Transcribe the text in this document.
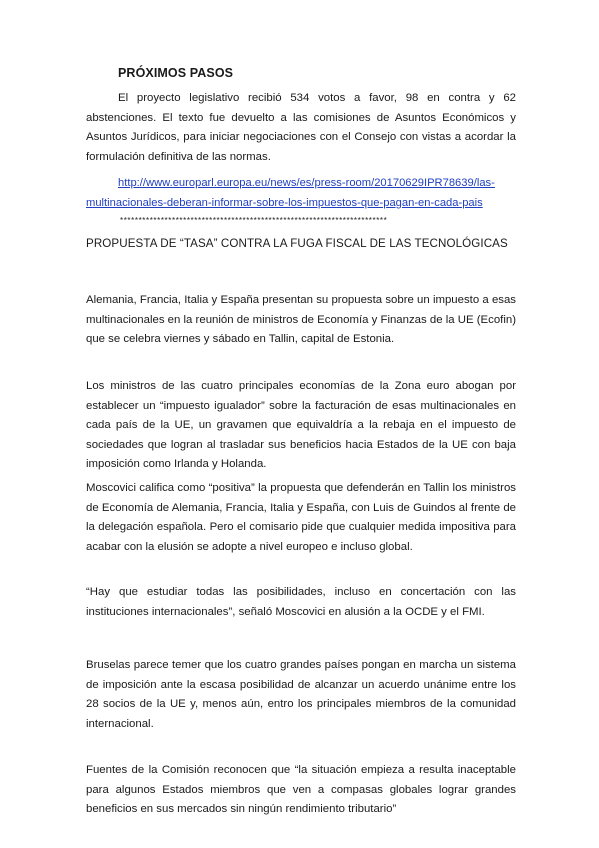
PRÓXIMOS PASOS

El proyecto legislativo recibió 534 votos a favor, 98 en contra y 62 abstenciones. El texto fue devuelto a las comisiones de Asuntos Económicos y Asuntos Jurídicos, para iniciar negociaciones con el Consejo con vistas a acordar la formulación definitiva de las normas.

http://www.europarl.europa.eu/news/es/press-room/20170629IPR78639/las-multinacionales-deberan-informar-sobre-los-impuestos-que-pagan-en-cada-pais

************************************************************************
PROPUESTA DE “TASA” CONTRA LA FUGA FISCAL DE LAS TECNOLÓGICAS

Alemania, Francia, Italia y España presentan su propuesta sobre un impuesto a esas multinacionales en la reunión de ministros de Economía y Finanzas de la UE (Ecofin) que se celebra viernes y sábado en Tallin, capital de Estonia.

Los ministros de las cuatro principales economías de la Zona euro abogan por establecer un “impuesto igualador” sobre la facturación de esas multinacionales en cada país de la UE, un gravamen que equivaldría a la rebaja en el impuesto de sociedades que logran al trasladar sus beneficios hacia Estados de la UE con baja imposición como Irlanda y Holanda.

Moscovici califica como “positiva” la propuesta que defenderán en Tallin los ministros de Economía de Alemania, Francia, Italia y España, con Luis de Guindos al frente de la delegación española. Pero el comisario pide que cualquier medida impositiva para acabar con la elusión se adopte a nivel europeo e incluso global.

“Hay que estudiar todas las posibilidades, incluso en concertación con las instituciones internacionales”, señaló Moscovici en alusión a la OCDE y el FMI.

Bruselas parece temer que los cuatro grandes países pongan en marcha un sistema de imposición ante la escasa posibilidad de alcanzar un acuerdo unánime entre los 28 socios de la UE y, menos aún, entro los principales miembros de la comunidad internacional.

Fuentes de la Comisión reconocen que “la situación empieza a resulta inaceptable para algunos Estados miembros que ven a compasas globales lograr grandes beneficios en sus mercados sin ningún rendimiento tributario”
